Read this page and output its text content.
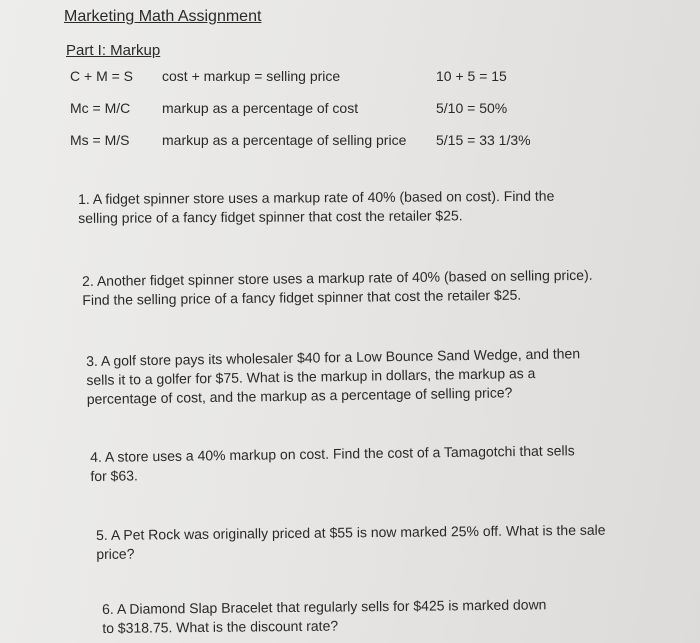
Marketing Math Assignment
Part I: Markup
C + M = S cost + markup = selling price	10 + 5 = 15
Mc = M/C markup as a percentage of cost	5/10 = 50%
Ms = M/S markup as a percentage of selling price 5/15 = 33 1/3%
1. A fidget spinner store uses a markup rate of 40% (based on cost). Find the selling price of a fancy fidget spinner that cost the retailer $25.
2. Another fidget spinner store uses a markup rate of 40% (based on selling price). Find the selling price of a fancy fidget spinner that cost the retailer $25.
3. A golf store pays its wholesaler $40 for a Low Bounce Sand Wedge, and then sells it to a golfer for $75. What is the markup in dollars, the markup as a percentage of cost, and the markup as a percentage of selling price?
4. A store uses a 40% markup on cost. Find the cost of a Tamagotchi that sells for $63.
5. A Pet Rock was originally priced at $55 is now marked 25% off. What is the sale price?
6. A Diamond Slap Bracelet that regularly sells for $425 is marked down to $318.75. What is the discount rate?
